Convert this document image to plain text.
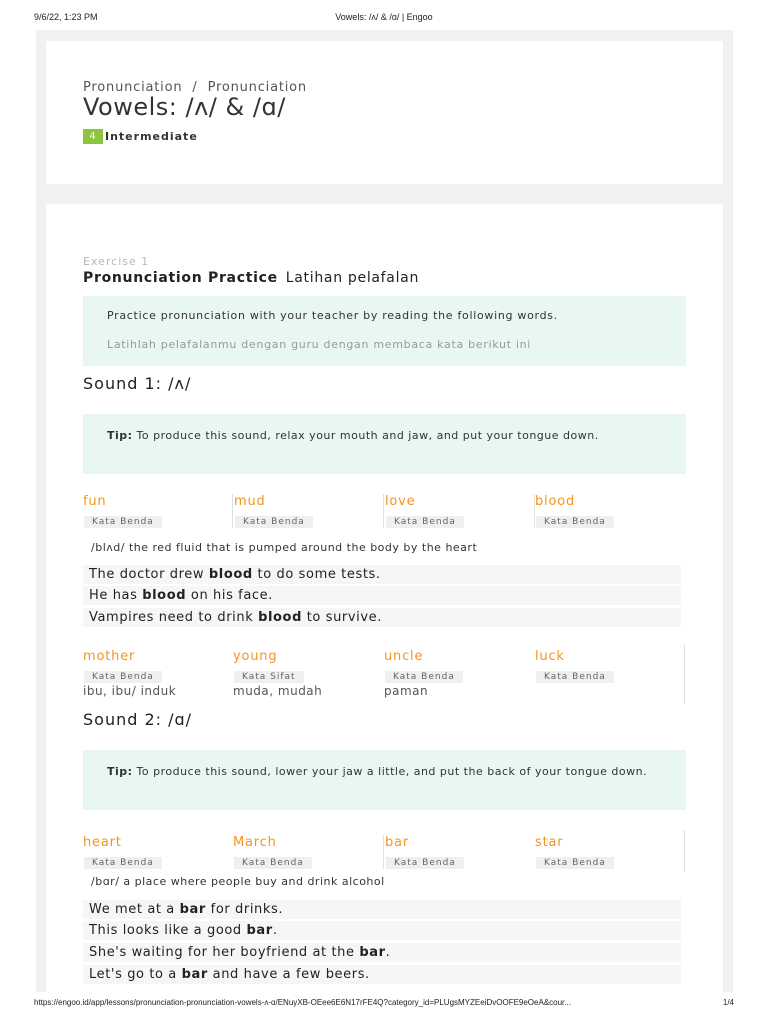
9/6/22, 1:23 PM	Vowels: /ʌ/ & /ɑ/ | Engoo
Pronunciation / Pronunciation
Vowels: /ʌ/ & /ɑ/
4 Intermediate
Exercise 1
Pronunciation Practice Latihan pelafalan

Practice pronunciation with your teacher by reading the following words.

Latihlah pelafalanmu dengan guru dengan membaca kata berikut ini

Sound 1: /ʌ/

Tip: To produce this sound, relax your mouth and jaw, and put your tongue down.

fun
Kata Benda
mud
Kata Benda
love
Kata Benda
blood
Kata Benda
/blʌd/ the red fluid that is pumped around the body by the heart
The doctor drew blood to do some tests.
He has blood on his face.
Vampires need to drink blood to survive.
mother
Kata Benda
ibu, ibu/ induk
young
Kata Sifat
muda, mudah
uncle
Kata Benda
paman
luck
Kata Benda
Sound 2: /ɑ/

Tip: To produce this sound, lower your jaw a little, and put the back of your tongue down.

heart
Kata Benda
March
Kata Benda
bar
Kata Benda
star
Kata Benda
/bɑr/ a place where people buy and drink alcohol
We met at a bar for drinks.
This looks like a good bar.
She's waiting for her boyfriend at the bar.
Let's go to a bar and have a few beers.
https://engoo.id/app/lessons/pronunciation-pronunciation-vowels-ʌ-ɑ/ENuyXB-OEee6E6N17rFE4Q?category_id=PLUgsMYZEeiDvOOFE9eOeA&cour...	1/4
